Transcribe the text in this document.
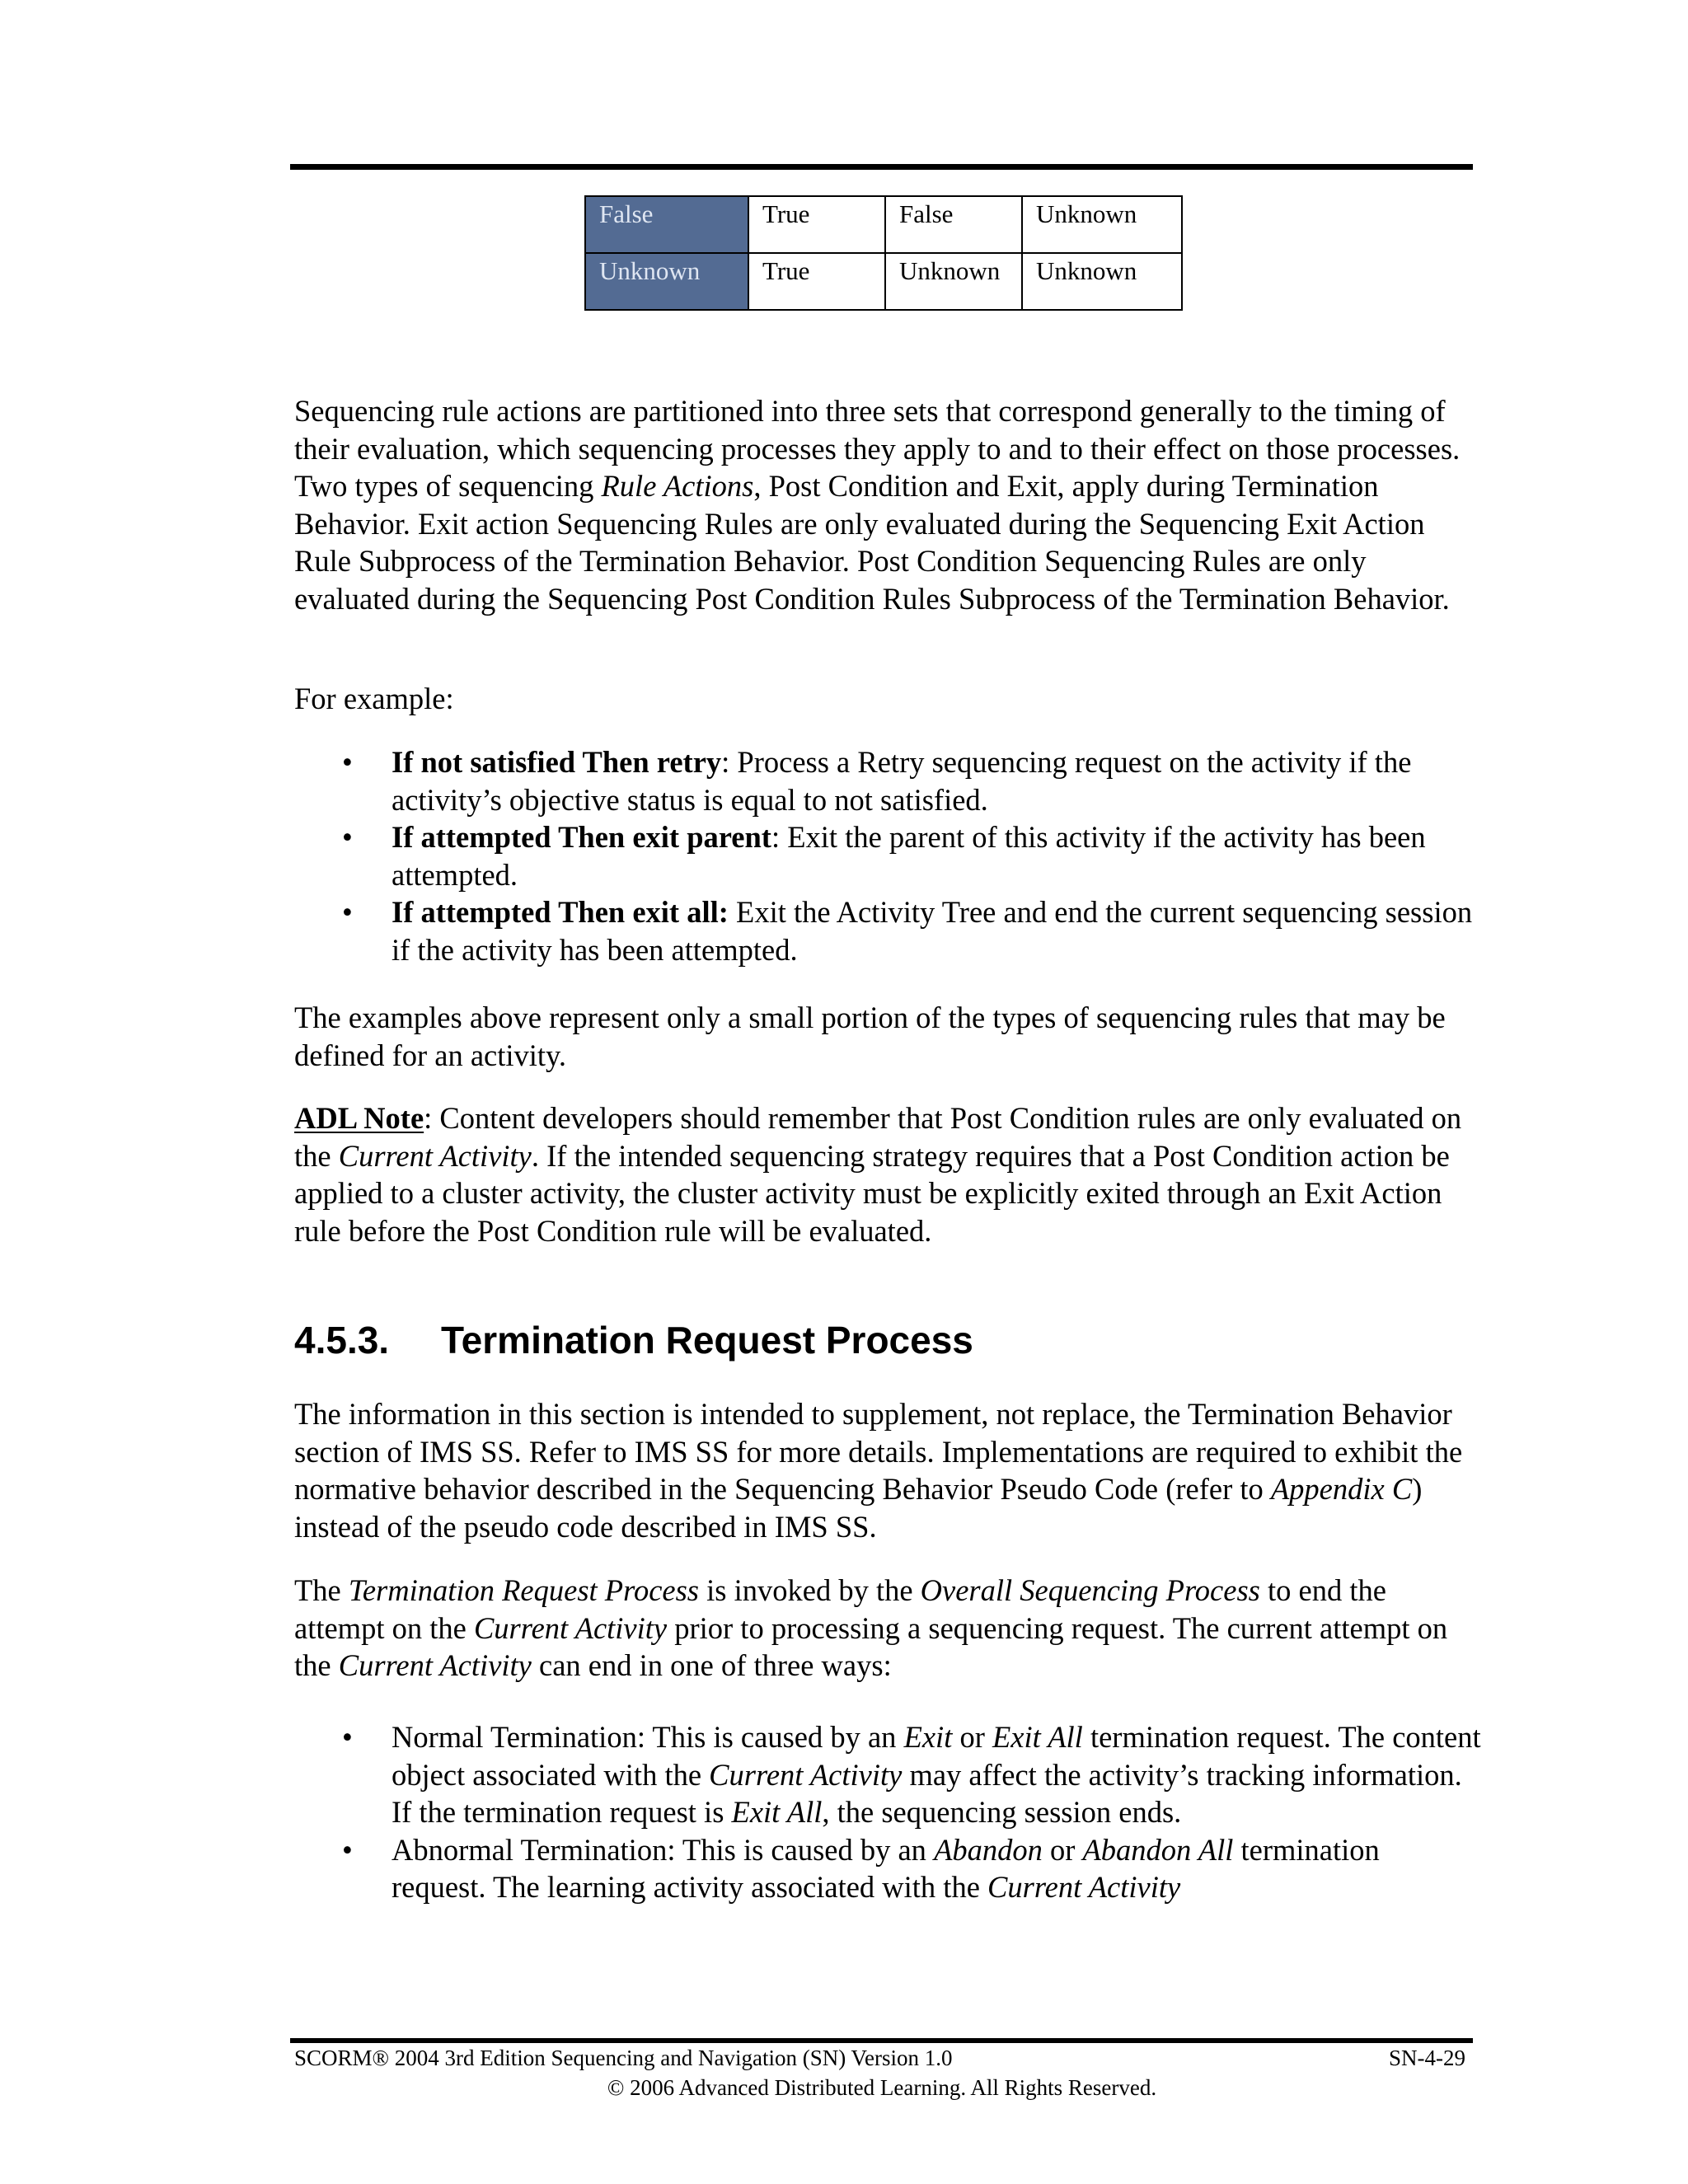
False	True	False	Unknown
Unknown	True	Unknown	Unknown

Sequencing rule actions are partitioned into three sets that correspond generally to the timing of their evaluation, which sequencing processes they apply to and to their effect on those processes. Two types of sequencing Rule Actions, Post Condition and Exit, apply during Termination Behavior. Exit action Sequencing Rules are only evaluated during the Sequencing Exit Action Rule Subprocess of the Termination Behavior. Post Condition Sequencing Rules are only evaluated during the Sequencing Post Condition Rules Subprocess of the Termination Behavior.

For example:

• If not satisfied Then retry: Process a Retry sequencing request on the activity if the activity’s objective status is equal to not satisfied.
• If attempted Then exit parent: Exit the parent of this activity if the activity has been attempted.
• If attempted Then exit all: Exit the Activity Tree and end the current sequencing session if the activity has been attempted.

The examples above represent only a small portion of the types of sequencing rules that may be defined for an activity.

ADL Note: Content developers should remember that Post Condition rules are only evaluated on the Current Activity. If the intended sequencing strategy requires that a Post Condition action be applied to a cluster activity, the cluster activity must be explicitly exited through an Exit Action rule before the Post Condition rule will be evaluated.

4.5.3. Termination Request Process

The information in this section is intended to supplement, not replace, the Termination Behavior section of IMS SS. Refer to IMS SS for more details. Implementations are required to exhibit the normative behavior described in the Sequencing Behavior Pseudo Code (refer to Appendix C) instead of the pseudo code described in IMS SS.

The Termination Request Process is invoked by the Overall Sequencing Process to end the attempt on the Current Activity prior to processing a sequencing request. The current attempt on the Current Activity can end in one of three ways:

• Normal Termination: This is caused by an Exit or Exit All termination request. The content object associated with the Current Activity may affect the activity’s tracking information. If the termination request is Exit All, the sequencing session ends.
• Abnormal Termination: This is caused by an Abandon or Abandon All termination request. The learning activity associated with the Current Activity
SCORM® 2004 3rd Edition Sequencing and Navigation (SN) Version 1.0	SN-4-29
© 2006 Advanced Distributed Learning. All Rights Reserved.
